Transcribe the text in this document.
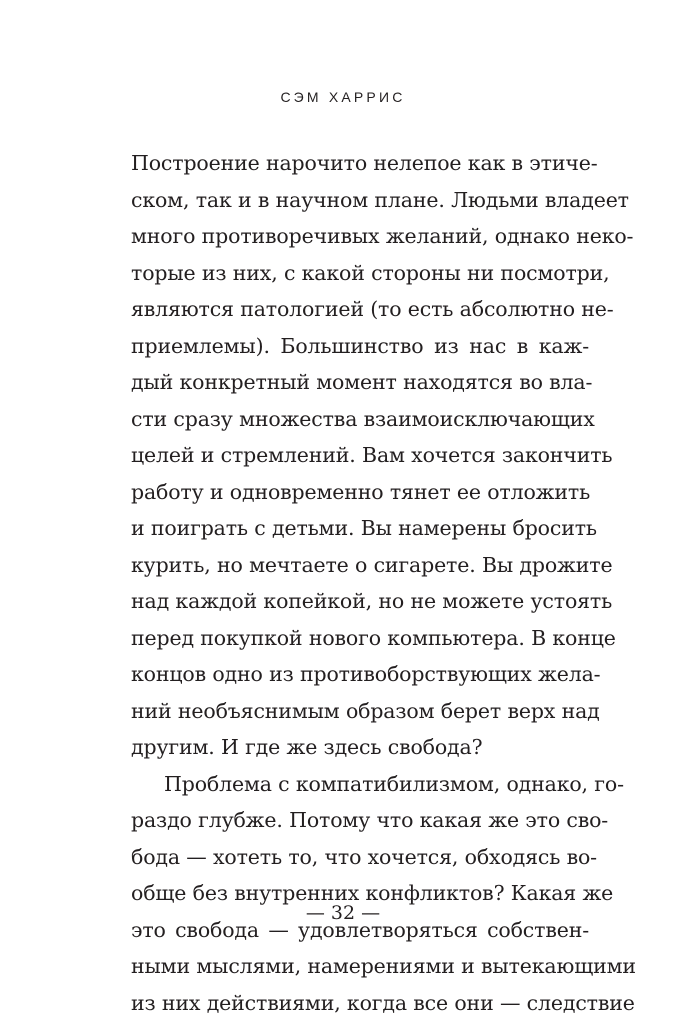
СЭМ ХАРРИС
Построение нарочито нелепое как в этиче-
ском, так и в научном плане. Людьми владеет
много противоречивых желаний, однако неко-
торые из них, с какой стороны ни посмотри,
являются патологией (то есть абсолютно не-
приемлемы). Большинство из нас в каж-
дый конкретный момент находятся во вла-
сти сразу множества взаимоисключающих
целей и стремлений. Вам хочется закончить
работу и одновременно тянет ее отложить
и поиграть с детьми. Вы намерены бросить
курить, но мечтаете о сигарете. Вы дрожите
над каждой копейкой, но не можете устоять
перед покупкой нового компьютера. В конце
концов одно из противоборствующих жела-
ний необъяснимым образом берет верх над
другим. И где же здесь свобода?
Проблема с компатибилизмом, однако, го-
раздо глубже. Потому что какая же это сво-
бода — хотеть то, что хочется, обходясь во-
обще без внутренних конфликтов? Какая же
это свобода — удовлетворяться собствен-
ными мыслями, намерениями и вытекающими
из них действиями, когда все они — следствие
— 32 —
